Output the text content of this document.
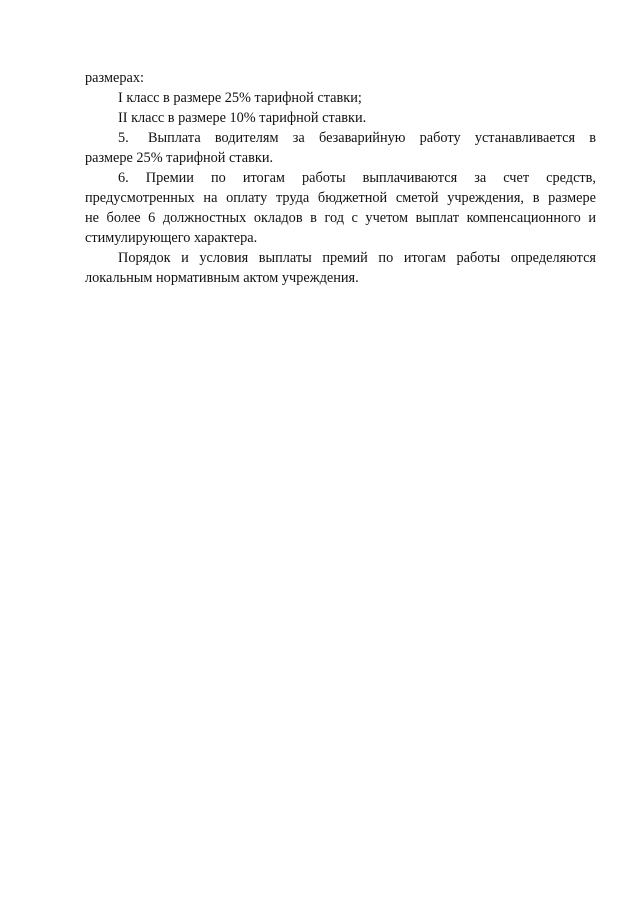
размерах:
I класс в размере 25% тарифной ставки;
II класс в размере 10% тарифной ставки.
5. Выплата водителям за безаварийную работу устанавливается в
размере 25% тарифной ставки.
6. Премии по итогам работы выплачиваются за счет средств,
предусмотренных на оплату труда бюджетной сметой учреждения, в размере
не более 6 должностных окладов в год с учетом выплат компенсационного и
стимулирующего характера.
Порядок и условия выплаты премий по итогам работы определяются
локальным нормативным актом учреждения.
